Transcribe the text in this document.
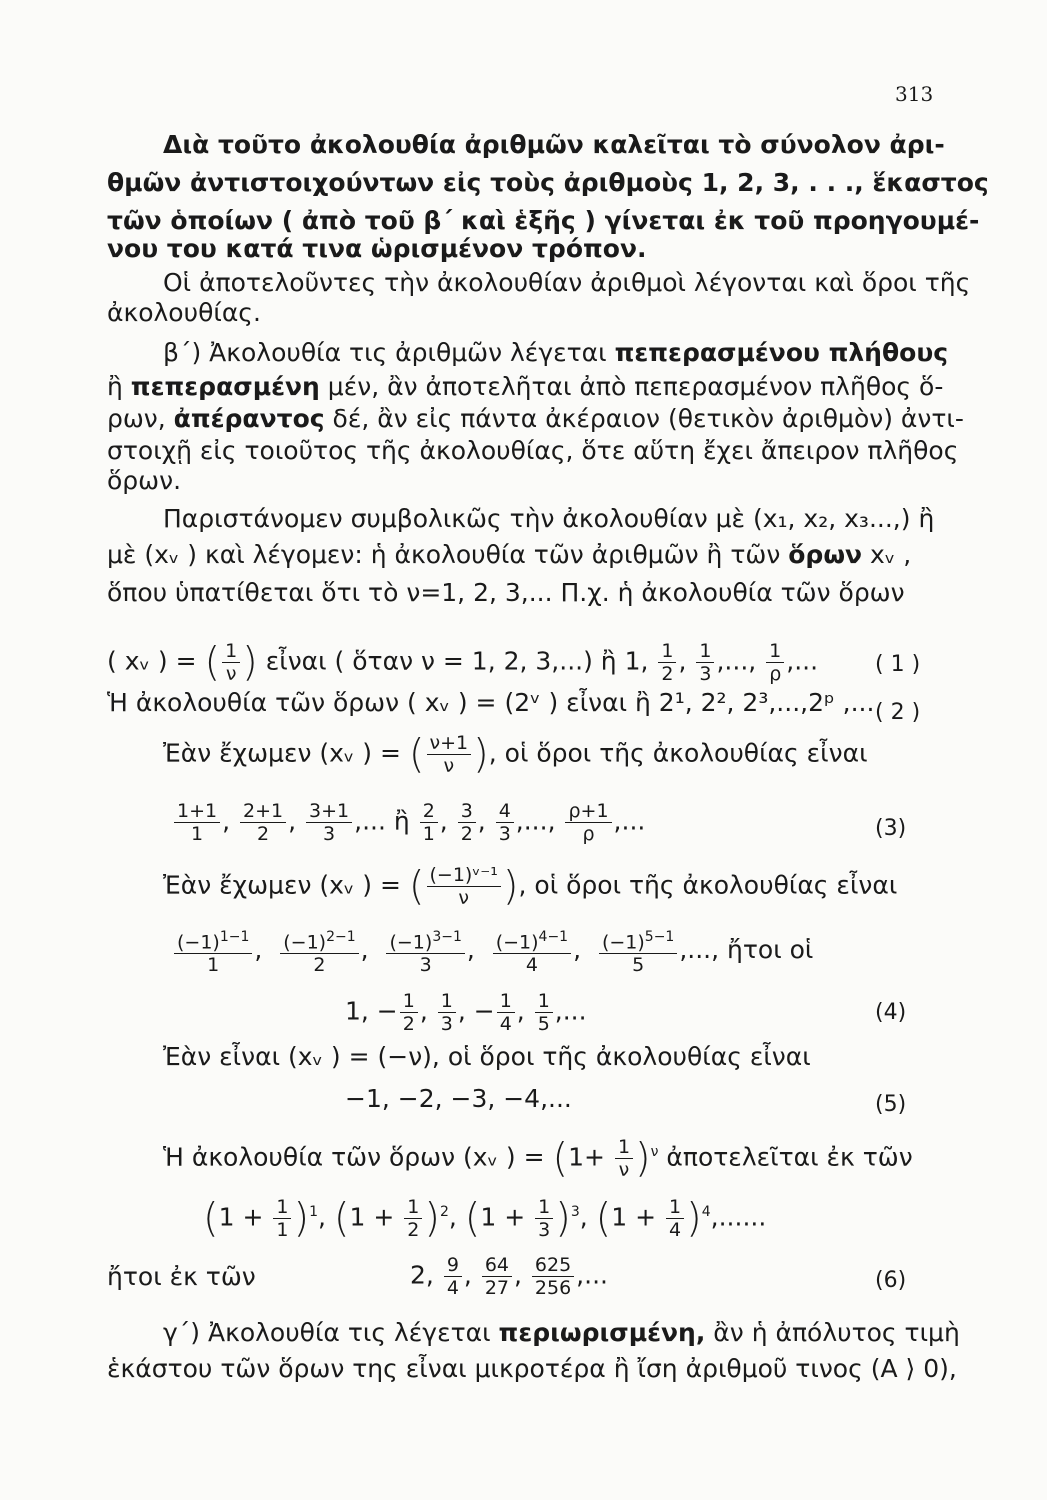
313
Διὰ τοῦτο ἀκολουθία ἀριθμῶν καλεῖται τὸ σύνολον ἀρι-
θμῶν ἀντιστοιχούντων εἰς τοὺς ἀριθμοὺς 1, 2, 3, . . ., ἕκαστος
τῶν ὁποίων ( ἀπὸ τοῦ β΄ καὶ ἑξῆς ) γίνεται ἐκ τοῦ προηγουμέ-
νου του κατά τινα ὡρισμένον τρόπον.
Οἱ ἀποτελοῦντες τὴν ἀκολουθίαν ἀριθμοὶ λέγονται καὶ ὅροι τῆς
ἀκολουθίας.
β΄) Ἀκολουθία τις ἀριθμῶν λέγεται πεπερασμένου πλήθους
ἢ πεπερασμένη μέν, ἂν ἀποτελῆται ἀπὸ πεπερασμένον πλῆθος ὅ-
ρων, ἀπέραντος δέ, ἂν εἰς πάντα ἀκέραιον (θετικὸν ἀριθμὸν) ἀντι-
στοιχῇ εἰς τοιοῦτος τῆς ἀκολουθίας, ὅτε αὕτη ἔχει ἄπειρον πλῆθος
ὅρων.
Παριστάνομεν συμβολικῶς τὴν ἀκολουθίαν μὲ (x₁, x₂, x₃...,) ἢ
μὲ (xᵥ ) καὶ λέγομεν: ἡ ἀκολουθία τῶν ἀριθμῶν ἢ τῶν ὅρων xᵥ ,
ὅπου ὑπατίθεται ὅτι τὸ ν=1, 2, 3,... Π.χ. ἡ ἀκολουθία τῶν ὅρων
( xᵥ ) = ( $\frac{1}{\nu}$ ) εἶναι ( ὅταν ν = 1, 2, 3,...) ἢ 1, $\frac{1}{2}$ , $\frac{1}{3}$ ,..., $\frac{1}{\rho}$ ,...	( 1 )
Ἡ ἀκολουθία τῶν ὅρων ( xᵥ ) = (2ᵛ ) εἶναι ἢ 2¹, 2², 2³,...,2ᵖ ,... ( 2 )
Ἐὰν ἔχωμεν (xᵥ ) = ( $\frac{\nu+1}{\nu}$ ), οἱ ὅροι τῆς ἀκολουθίας εἶναι
$\frac{1+1}{1}$ , $\frac{2+1}{2}$ , $\frac{3+1}{3}$ ,... ἢ $\frac{2}{1}$ , $\frac{3}{2}$ , $\frac{4}{3}$ ,..., $\frac{\rho+1}{\rho}$ ,...	(3)
Ἐὰν ἔχωμεν (xᵥ ) = ( $\frac{\text{(−1)ᵛ⁻¹}}{\nu}$ ), οἱ ὅροι τῆς ἀκολουθίας εἶναι
$\frac{(-1)^{1-1}}{1}$ , $\frac{(-1)^{2-1}}{2}$ , $\frac{(-1)^{3-1}}{3}$ , $\frac{(-1)^{4-1}}{4}$ , $\frac{(-1)^{5-1}}{5}$ ,..., ἤτοι οἱ
1, − $\frac{1}{2}$ , $\frac{1}{3}$ , − $\frac{1}{4}$ , $\frac{1}{5}$ ,...	(4)
Ἐὰν εἶναι (xᵥ ) = (−ν), οἱ ὅροι τῆς ἀκολουθίας εἶναι
−1, −2, −3, −4,...	(5)
Ἡ ἀκολουθία τῶν ὅρων (xᵥ ) = $(1+ \frac{1}{\nu} )^\nu$ ἀποτελεῖται ἐκ τῶν
$(1 + \frac{1}{1} )^1$, $(1 + \frac{1}{2} )^2$, $(1 + \frac{1}{3} )^3$, $(1 + \frac{1}{4} )^4$,......
ἤτοι ἐκ τῶν	2, $\frac{9}{4}$ , $\frac{64}{27}$ , $\frac{625}{256}$ ,...	(6)
γ΄) Ἀκολουθία τις λέγεται περιωρισμένη, ἂν ἡ ἀπόλυτος τιμὴ
ἑκάστου τῶν ὅρων της εἶναι μικροτέρα ἢ ἴση ἀριθμοῦ τινος (A ⟩ 0),
